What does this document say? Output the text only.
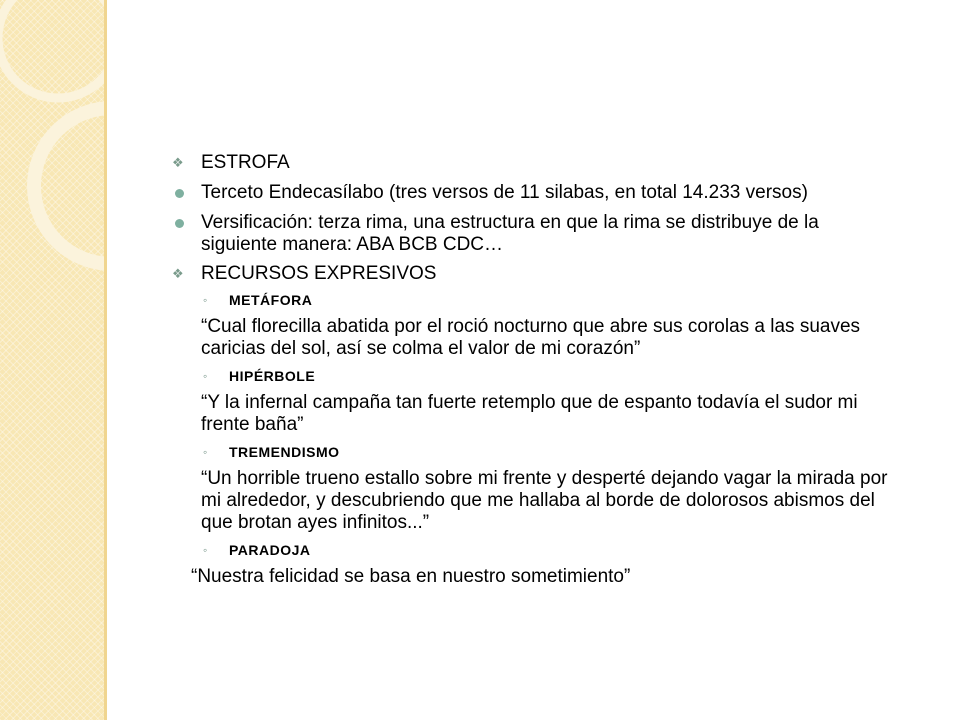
❖ ESTROFA
Terceto Endecasílabo (tres versos de 11 silabas, en total 14.233 versos)
Versificación: terza rima, una estructura en que la rima se distribuye de la siguiente manera: ABA BCB CDC…
❖ RECURSOS EXPRESIVOS
◦	METÁFORA
“Cual florecilla abatida por el roció nocturno que abre sus corolas a las suaves caricias del sol, así se colma el valor de mi corazón”
◦	HIPÉRBOLE
“Y la infernal campaña tan fuerte retemplo que de espanto todavía el sudor mi frente baña”
◦	TREMENDISMO
“Un horrible trueno estallo sobre mi frente y desperté dejando vagar la mirada por mi alrededor, y descubriendo que me hallaba al borde de dolorosos abismos del que brotan ayes infinitos...”
◦	PARADOJA
“Nuestra felicidad se basa en nuestro sometimiento”
